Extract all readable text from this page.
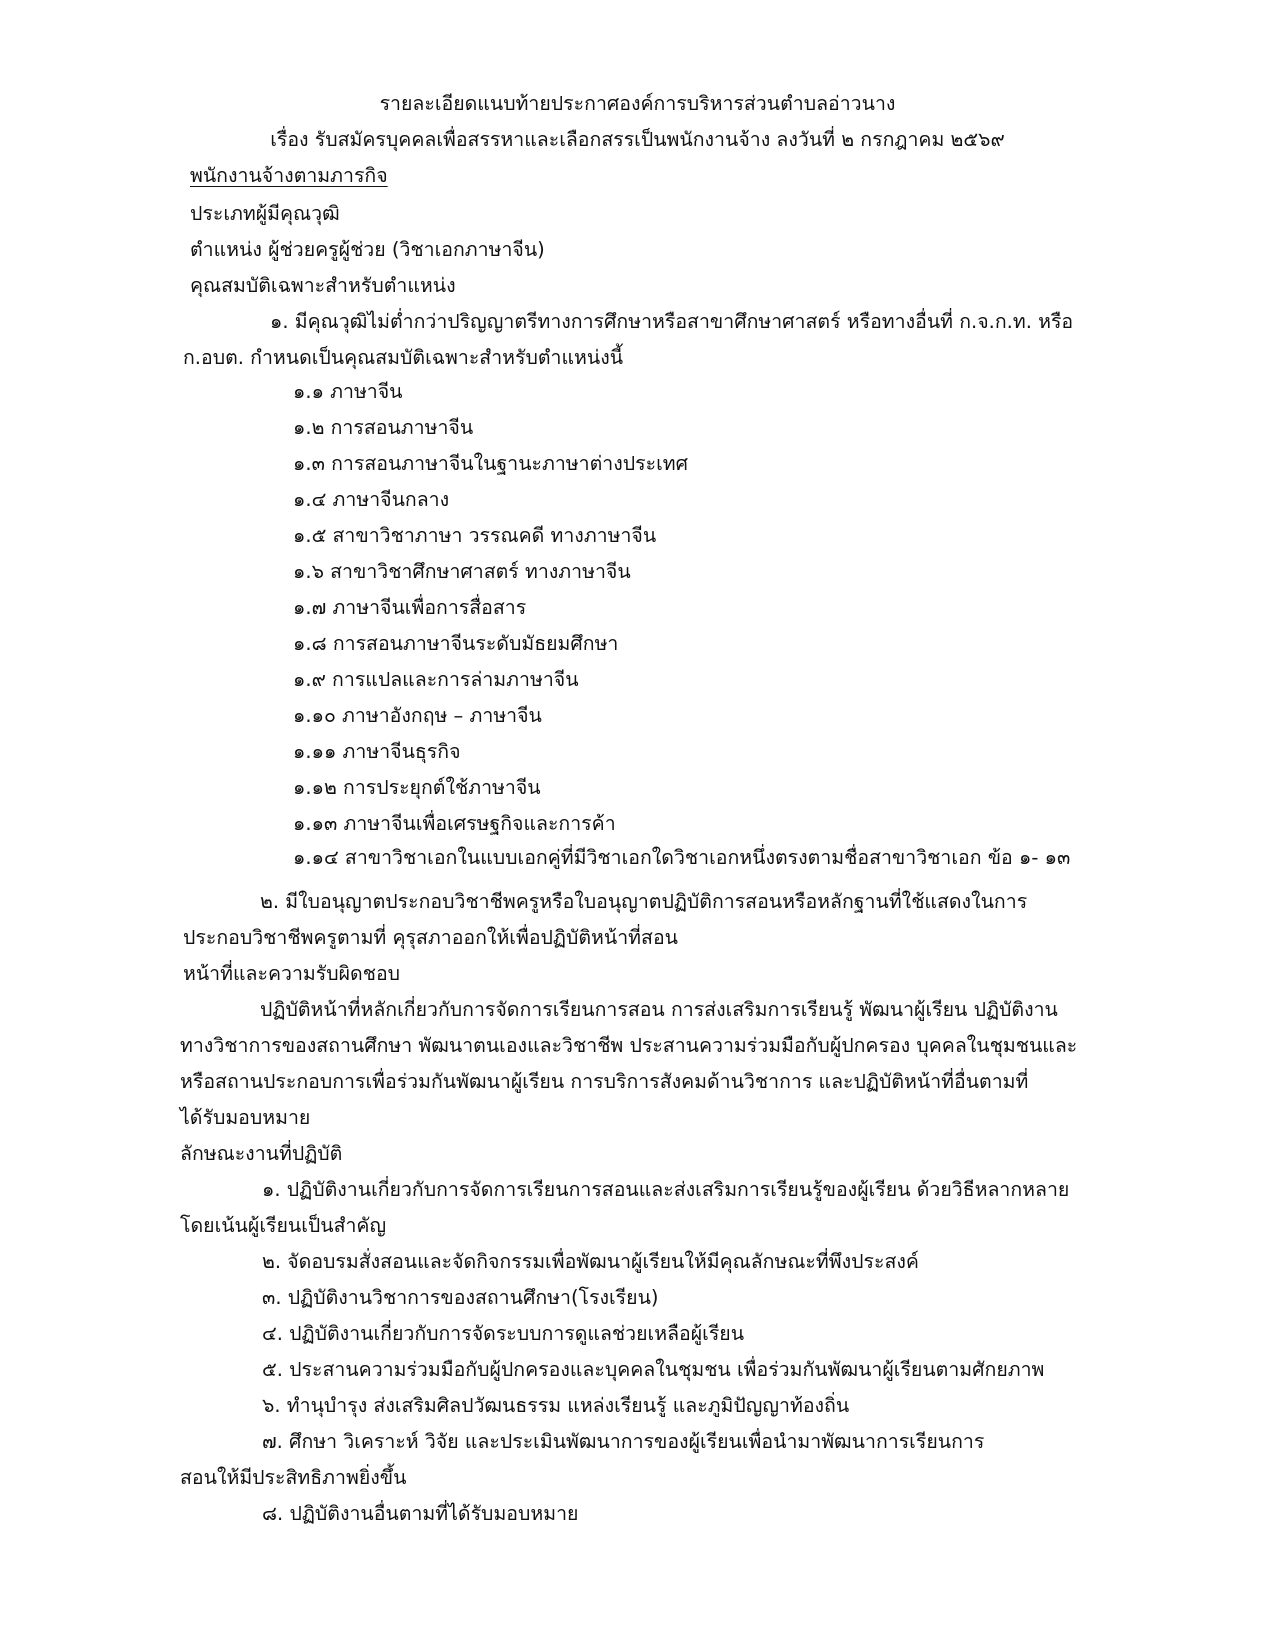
รายละเอียดแนบท้ายประกาศองค์การบริหารส่วนตำบลอ่าวนาง
เรื่อง รับสมัครบุคคลเพื่อสรรหาและเลือกสรรเป็นพนักงานจ้าง ลงวันที่ ๒ กรกฎาคม ๒๕๖๙
พนักงานจ้างตามภารกิจ
ประเภทผู้มีคุณวุฒิ
ตำแหน่ง ผู้ช่วยครูผู้ช่วย (วิชาเอกภาษาจีน)
คุณสมบัติเฉพาะสำหรับตำแหน่ง
๑. มีคุณวุฒิไม่ต่ำกว่าปริญญาตรีทางการศึกษาหรือสาขาศึกษาศาสตร์ หรือทางอื่นที่ ก.จ.ก.ท. หรือ
ก.อบต. กำหนดเป็นคุณสมบัติเฉพาะสำหรับตำแหน่งนี้
๑.๑ ภาษาจีน
๑.๒ การสอนภาษาจีน
๑.๓ การสอนภาษาจีนในฐานะภาษาต่างประเทศ
๑.๔ ภาษาจีนกลาง
๑.๕ สาขาวิชาภาษา วรรณคดี ทางภาษาจีน
๑.๖ สาขาวิชาศึกษาศาสตร์ ทางภาษาจีน
๑.๗ ภาษาจีนเพื่อการสื่อสาร
๑.๘ การสอนภาษาจีนระดับมัธยมศึกษา
๑.๙ การแปลและการล่ามภาษาจีน
๑.๑๐ ภาษาอังกฤษ – ภาษาจีน
๑.๑๑ ภาษาจีนธุรกิจ
๑.๑๒ การประยุกต์ใช้ภาษาจีน
๑.๑๓ ภาษาจีนเพื่อเศรษฐกิจและการค้า
๑.๑๔ สาขาวิชาเอกในแบบเอกคู่ที่มีวิชาเอกใดวิชาเอกหนึ่งตรงตามชื่อสาขาวิชาเอก ข้อ ๑- ๑๓
๒. มีใบอนุญาตประกอบวิชาชีพครูหรือใบอนุญาตปฏิบัติการสอนหรือหลักฐานที่ใช้แสดงในการ
ประกอบวิชาชีพครูตามที่ คุรุสภาออกให้เพื่อปฏิบัติหน้าที่สอน
หน้าที่และความรับผิดชอบ
ปฏิบัติหน้าที่หลักเกี่ยวกับการจัดการเรียนการสอน การส่งเสริมการเรียนรู้ พัฒนาผู้เรียน ปฏิบัติงาน
ทางวิชาการของสถานศึกษา พัฒนาตนเองและวิชาชีพ ประสานความร่วมมือกับผู้ปกครอง บุคคลในชุมชนและ
หรือสถานประกอบการเพื่อร่วมกันพัฒนาผู้เรียน การบริการสังคมด้านวิชาการ และปฏิบัติหน้าที่อื่นตามที่
ได้รับมอบหมาย
ลักษณะงานที่ปฏิบัติ
๑. ปฏิบัติงานเกี่ยวกับการจัดการเรียนการสอนและส่งเสริมการเรียนรู้ของผู้เรียน ด้วยวิธีหลากหลาย
โดยเน้นผู้เรียนเป็นสำคัญ
๒. จัดอบรมสั่งสอนและจัดกิจกรรมเพื่อพัฒนาผู้เรียนให้มีคุณลักษณะที่พึงประสงค์
๓. ปฏิบัติงานวิชาการของสถานศึกษา(โรงเรียน)
๔. ปฏิบัติงานเกี่ยวกับการจัดระบบการดูแลช่วยเหลือผู้เรียน
๕. ประสานความร่วมมือกับผู้ปกครองและบุคคลในชุมชน เพื่อร่วมกันพัฒนาผู้เรียนตามศักยภาพ
๖. ทำนุบำรุง ส่งเสริมศิลปวัฒนธรรม แหล่งเรียนรู้ และภูมิปัญญาท้องถิ่น
๗. ศึกษา วิเคราะห์ วิจัย และประเมินพัฒนาการของผู้เรียนเพื่อนำมาพัฒนาการเรียนการ
สอนให้มีประสิทธิภาพยิ่งขึ้น
๘. ปฏิบัติงานอื่นตามที่ได้รับมอบหมาย
